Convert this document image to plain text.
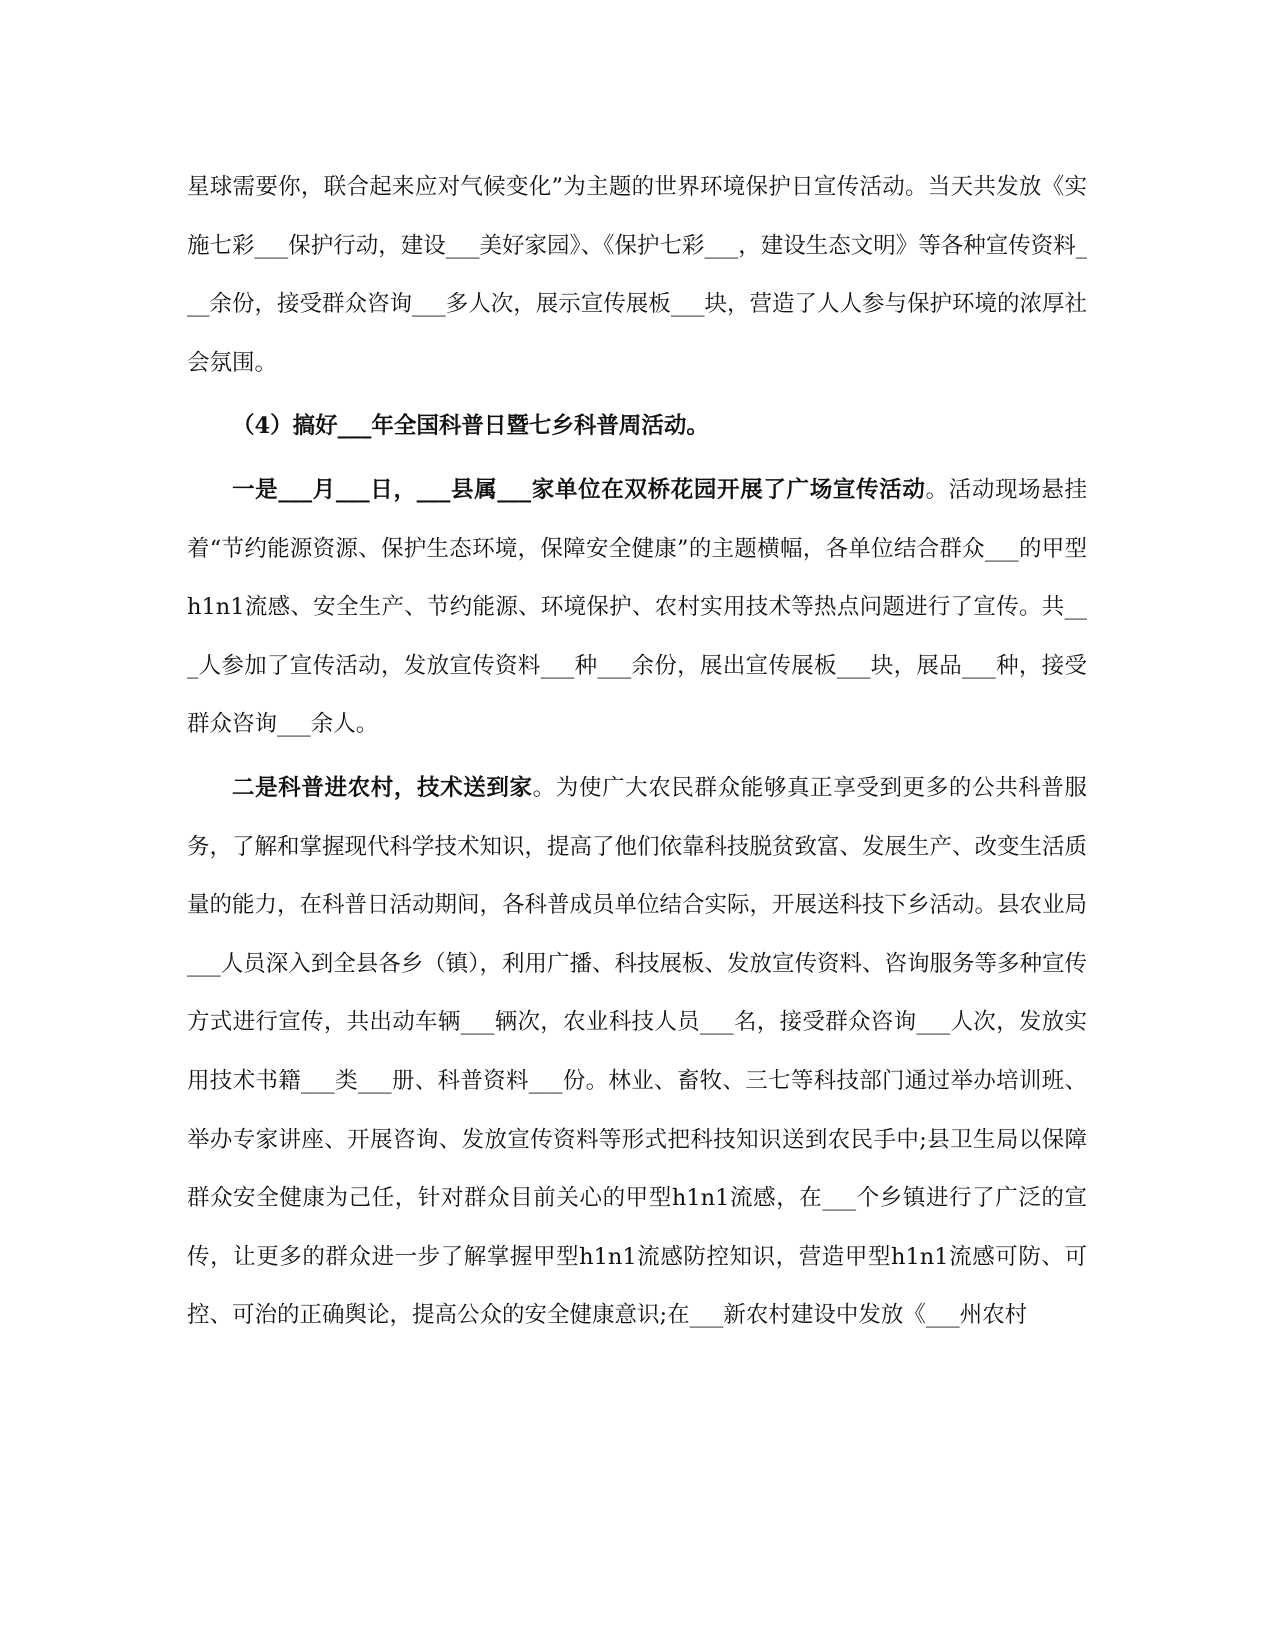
星球需要你，联合起来应对气候变化”为主题的世界环境保护日宣传活动。当天共发放《实施七彩___保护行动，建设___美好家园》、《保护七彩___，建设生态文明》等各种宣传资料___余份，接受群众咨询___多人次，展示宣传展板___块，营造了人人参与保护环境的浓厚社会氛围。

（4）搞好___年全国科普日暨七乡科普周活动。

一是___月___日，___县属___家单位在双桥花园开展了广场宣传活动。活动现场悬挂着“节约能源资源、保护生态环境，保障安全健康”的主题横幅，各单位结合群众___的甲型h1n1流感、安全生产、节约能源、环境保护、农村实用技术等热点问题进行了宣传。共___人参加了宣传活动，发放宣传资料___种___余份，展出宣传展板___块，展品___种，接受群众咨询___余人。

二是科普进农村，技术送到家。为使广大农民群众能够真正享受到更多的公共科普服务，了解和掌握现代科学技术知识，提高了他们依靠科技脱贫致富、发展生产、改变生活质量的能力，在科普日活动期间，各科普成员单位结合实际，开展送科技下乡活动。县农业局___人员深入到全县各乡（镇），利用广播、科技展板、发放宣传资料、咨询服务等多种宣传方式进行宣传，共出动车辆___辆次，农业科技人员___名，接受群众咨询___人次，发放实用技术书籍___类___册、科普资料___份。林业、畜牧、三七等科技部门通过举办培训班、举办专家讲座、开展咨询、发放宣传资料等形式把科技知识送到农民手中;县卫生局以保障群众安全健康为己任，针对群众目前关心的甲型h1n1流感，在___个乡镇进行了广泛的宣传，让更多的群众进一步了解掌握甲型h1n1流感防控知识，营造甲型h1n1流感可防、可控、可治的正确舆论，提高公众的安全健康意识;在___新农村建设中发放《___州农村
